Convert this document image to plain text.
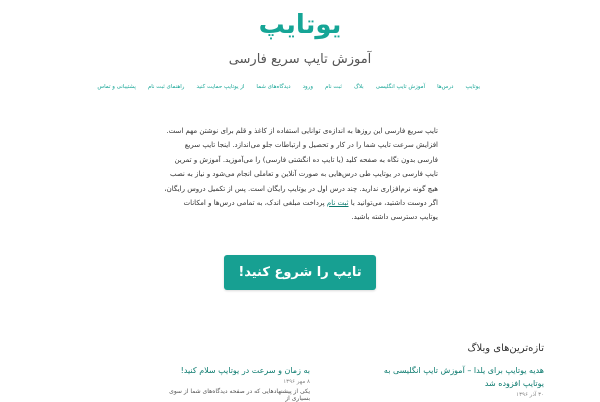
یوتایپ
آموزش تایپ سریع فارسی
یوتایپ
درس‌ها
آموزش تایپ انگلیسی
بلاگ
ثبت نام
ورود
دیدگاه‌های شما
از یوتایپ حمایت کنید
راهنمای ثبت نام
پشتیبانی و تماس
تایپ سریع فارسی این روزها به اندازه‌ی توانایی استفاده از کاغذ و قلم برای نوشتن مهم است. افزایش سرعت تایپ شما را در کار و تحصیل و ارتباطات جلو می‌اندازد. اینجا تایپ سریع فارسی بدون نگاه به صفحه کلید (یا تایپ ده انگشتی فارسی) را می‌آموزید. آموزش و تمرین تایپ فارسی در یوتایپ طی درس‌هایی به صورت آنلاین و تعاملی انجام می‌شود و نیاز به نصب هیچ گونه نرم‌افزاری ندارید. چند درس اول در یوتایپ رایگان است. پس از تکمیل دروس رایگان، اگر دوست داشتید، می‌توانید با ثبت نام پرداخت مبلغی اندک، به تمامی درس‌ها و امکانات یوتایپ دسترسی داشته باشید.
تایپ را شروع کنید!
تازه‌ترین‌های وبلاگ
هدیه یوتایپ برای یلدا – آموزش تایپ انگلیسی به یوتایپ افزوده شد
۳۰ آذر ۱۳۹۶
به زمان و سرعت در یوتایپ سلام کنید!
۸ مهر ۱۳۹۶
یکی از پیشنهادهایی که در صفحه دیدگاه‌های شما از سوی بسیاری از
